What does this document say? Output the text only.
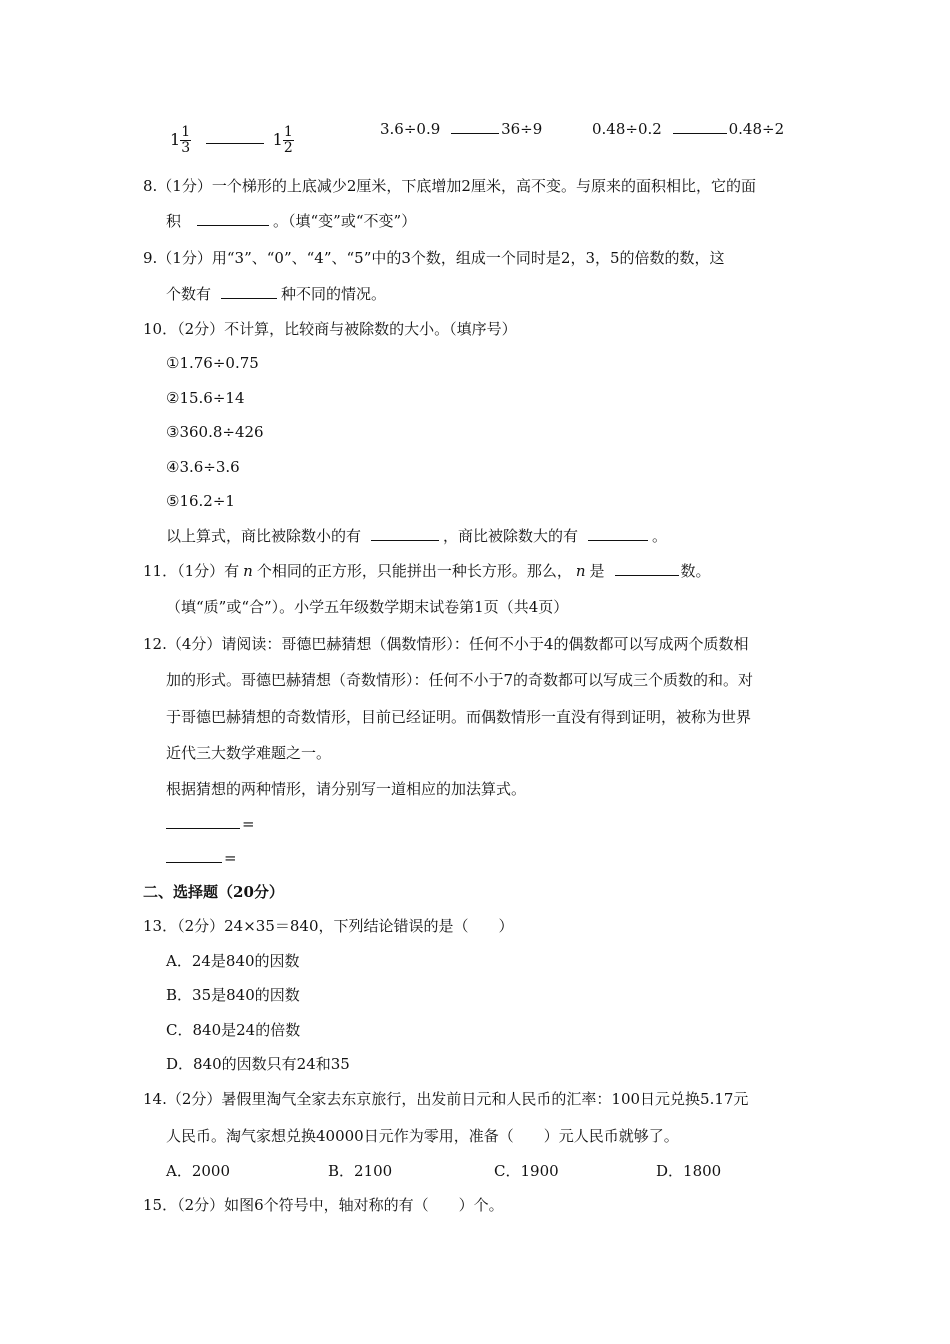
$1 \frac{1}{3}$	$1 \frac{1}{2}$	3.6÷0.9	36÷9	0.48÷0.2	0.48÷2
8.（1分）一个梯形的上底减少2厘米，下底增加2厘米，高不变。与原来的面积相比，它的面
积	。（填“变”或“不变”）
9.（1分）用“3”、“0”、“4”、“5”中的3个数，组成一个同时是2，3，5的倍数的数，这
个数有	种不同的情况。
10．（2分）不计算，比较商与被除数的大小。（填序号）
①1.76÷0.75
②15.6÷14
③360.8÷426
④3.6÷3.6
⑤16.2÷1
以上算式，商比被除数小的有	，商比被除数大的有	。
11．（1分）有 n 个相同的正方形，只能拼出一种长方形。那么， n 是	数。
（填“质”或“合”）。小学五年级数学期末试卷第1页（共4页）
12.（4分）请阅读：哥德巴赫猜想（偶数情形）：任何不小于4的偶数都可以写成两个质数相
加的形式。哥德巴赫猜想（奇数情形）：任何不小于7的奇数都可以写成三个质数的和。对
于哥德巴赫猜想的奇数情形，目前已经证明。而偶数情形一直没有得到证明，被称为世界
近代三大数学难题之一。
根据猜想的两种情形，请分别写一道相应的加法算式。
=
=
二、选择题（20分）
13．（2分）24×35＝840，下列结论错误的是（　　）
A．24是840的因数
B．35是840的因数
C．840是24的倍数
D．840的因数只有24和35
14.（2分）暑假里淘气全家去东京旅行，出发前日元和人民币的汇率：100日元兑换5.17元
人民币。淘气家想兑换40000日元作为零用，准备（　　）元人民币就够了。
A．2000	B．2100	C．1900	D．1800
15．（2分）如图6个符号中，轴对称的有（　　）个。
